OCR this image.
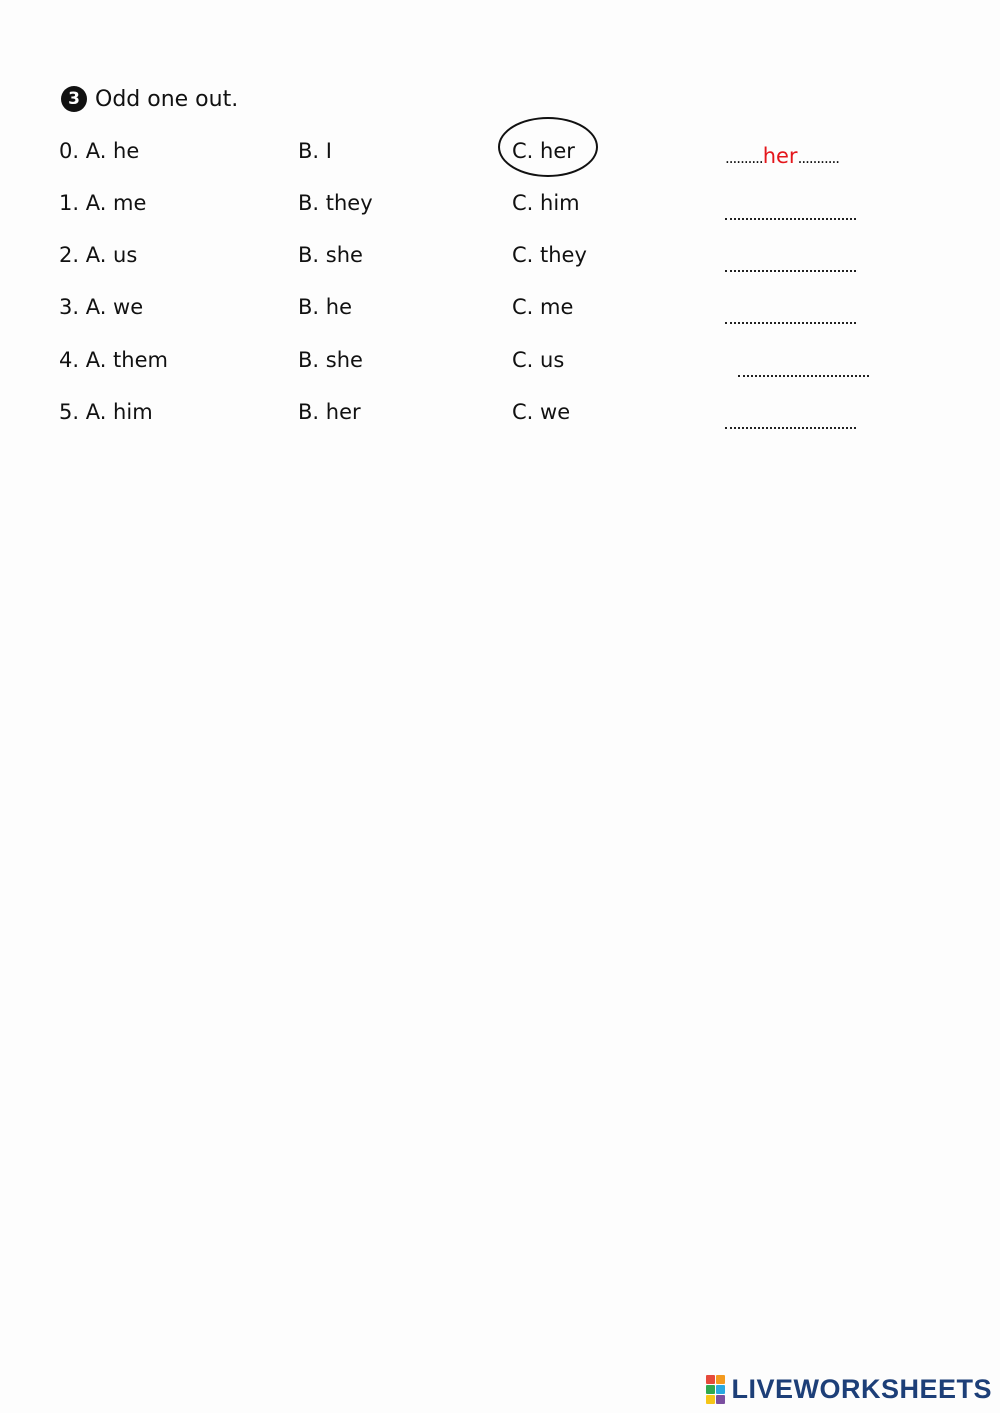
3 Odd one out.
0. A. he	B. I	C. her	..........her...........
1. A. me	B. they	C. him
2. A. us	B. she	C. they
3. A. we	B. he	C. me
4. A. them	B. she	C. us
5. A. him	B. her	C. we
LIVEWORKSHEETS
